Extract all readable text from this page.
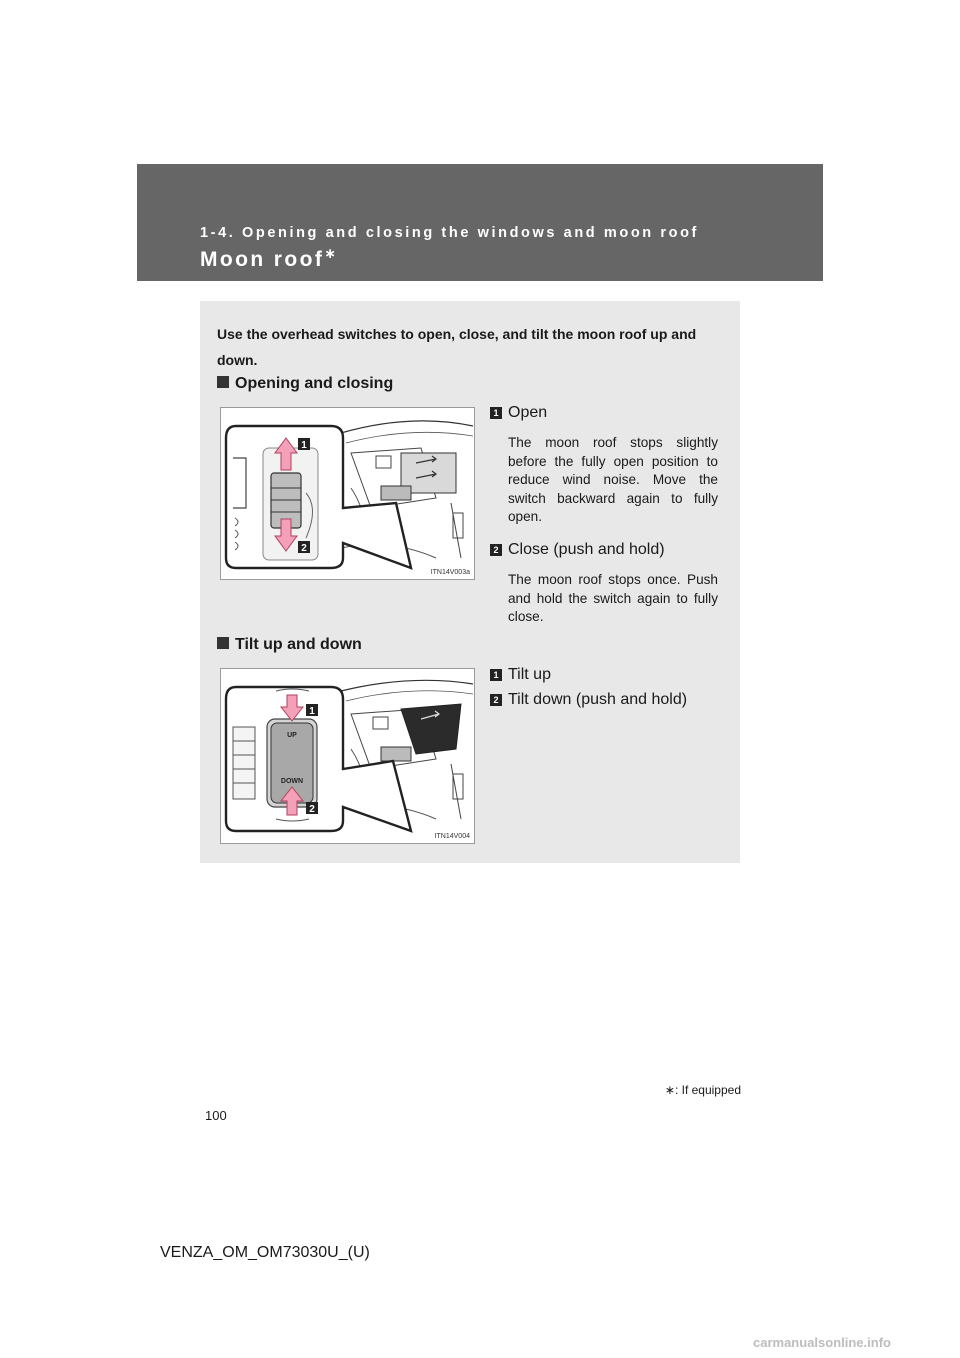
1-4. Opening and closing the windows and moon roof
Moon roof∗
Use the overhead switches to open, close, and tilt the moon roof up and down.
Opening and closing
1
2
ITN14V003a
1 Open
The moon roof stops slightly before the fully open position to reduce wind noise. Move the switch backward again to fully open.
2 Close (push and hold)
The moon roof stops once. Push and hold the switch again to fully close.
Tilt up and down
UP
DOWN
1
2
ITN14V004
1 Tilt up
2 Tilt down (push and hold)
∗: If equipped
100
VENZA_OM_OM73030U_(U)
carmanualsonline.info
